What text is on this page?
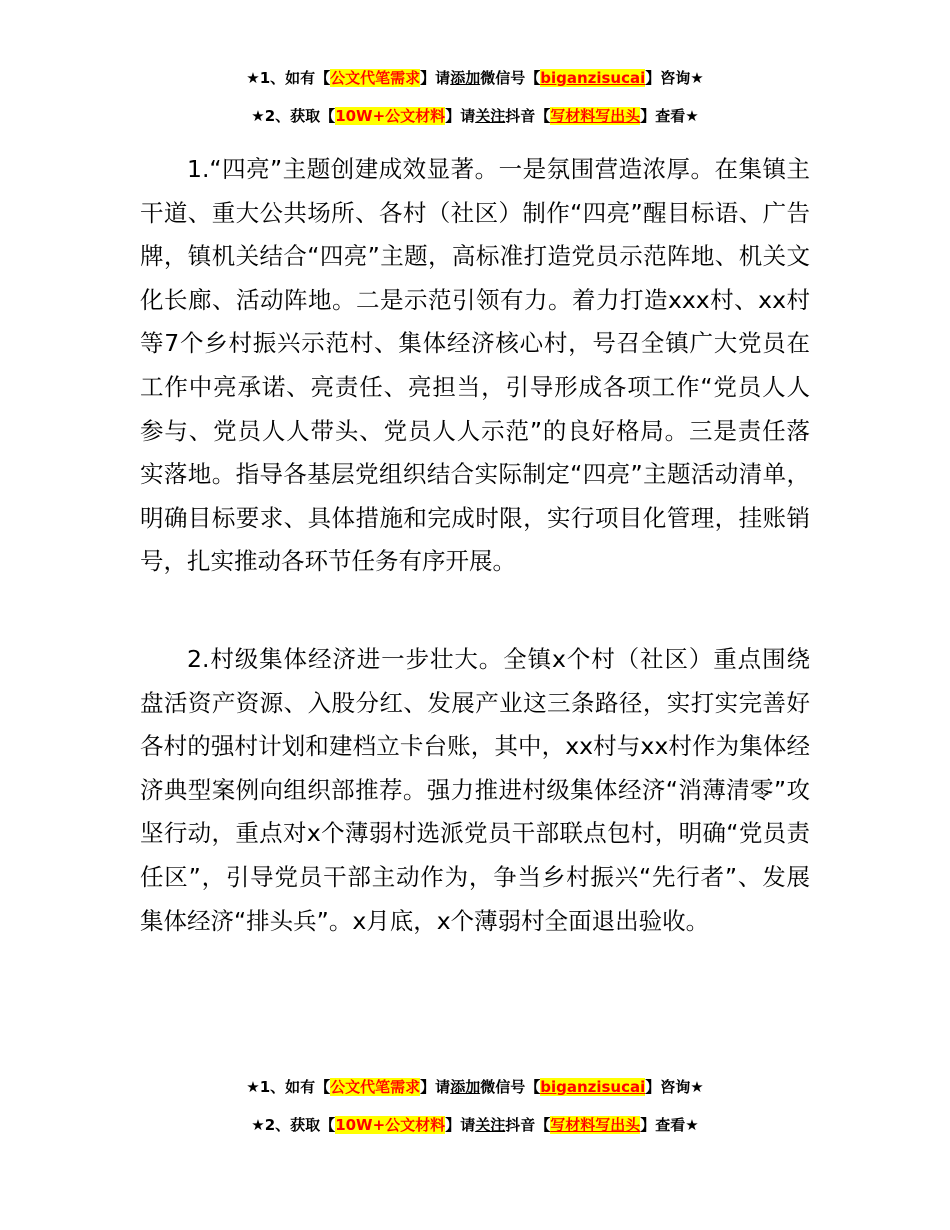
★1、如有【公文代笔需求】请添加微信号【biganzisucai】咨询★
★2、获取【10W+公文材料】请关注抖音【写材料写出头】查看★

1.“四亮”主题创建成效显著。一是氛围营造浓厚。在集镇主干道、重大公共场所、各村（社区）制作“四亮”醒目标语、广告牌，镇机关结合“四亮”主题，高标准打造党员示范阵地、机关文化长廊、活动阵地。二是示范引领有力。着力打造xxx村、xx村等7个乡村振兴示范村、集体经济核心村，号召全镇广大党员在工作中亮承诺、亮责任、亮担当，引导形成各项工作“党员人人参与、党员人人带头、党员人人示范”的良好格局。三是责任落实落地。指导各基层党组织结合实际制定“四亮”主题活动清单，明确目标要求、具体措施和完成时限，实行项目化管理，挂账销号，扎实推动各环节任务有序开展。

2.村级集体经济进一步壮大。全镇x个村（社区）重点围绕盘活资产资源、入股分红、发展产业这三条路径，实打实完善好各村的强村计划和建档立卡台账，其中，xx村与xx村作为集体经济典型案例向组织部推荐。强力推进村级集体经济“消薄清零”攻坚行动，重点对x个薄弱村选派党员干部联点包村，明确“党员责任区”，引导党员干部主动作为，争当乡村振兴“先行者”、发展集体经济“排头兵”。x月底，x个薄弱村全面退出验收。

★1、如有【公文代笔需求】请添加微信号【biganzisucai】咨询★
★2、获取【10W+公文材料】请关注抖音【写材料写出头】查看★
